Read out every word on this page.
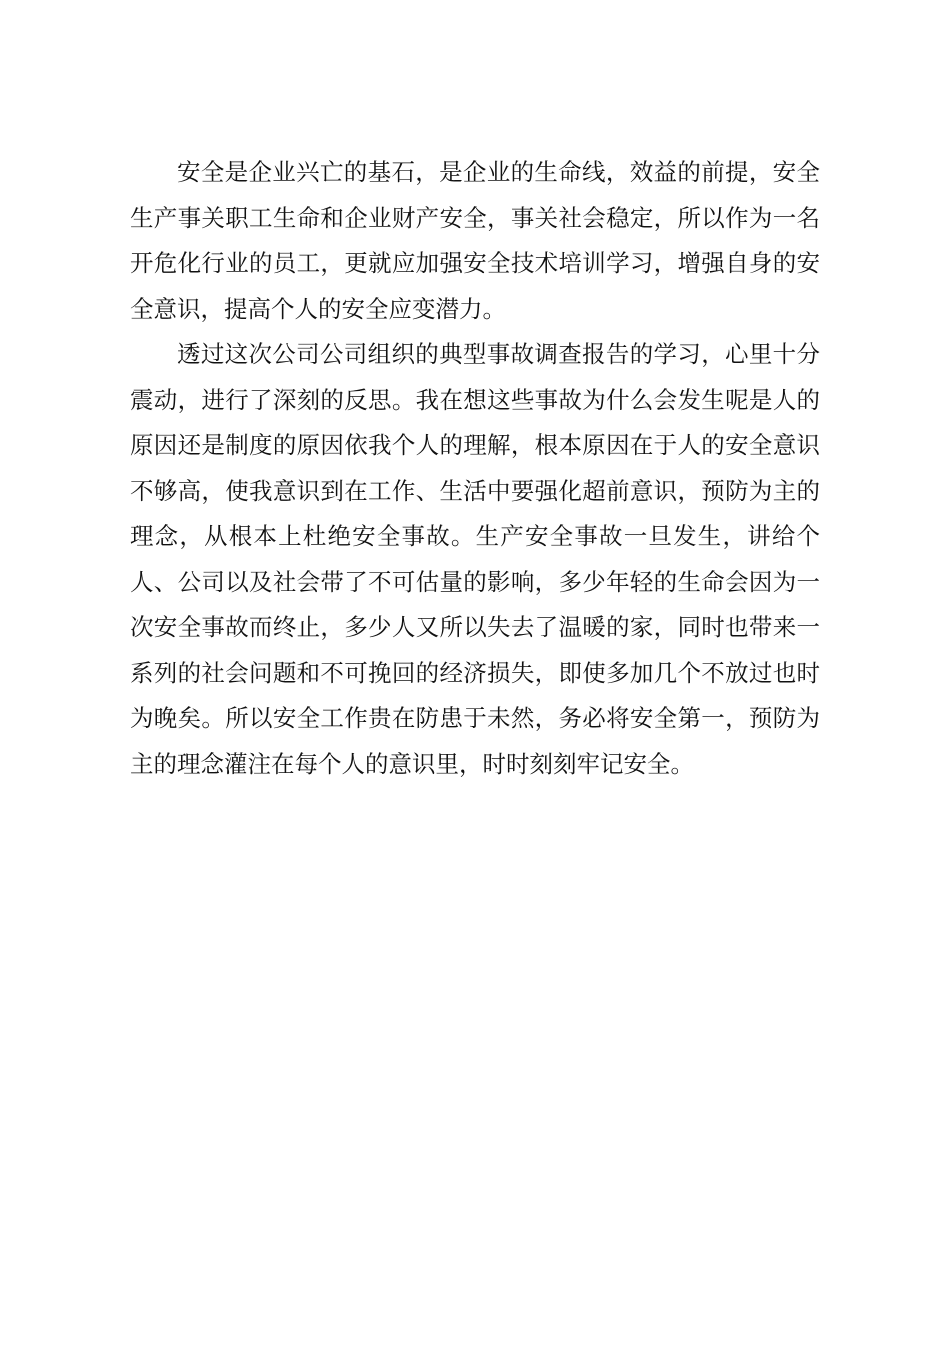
安全是企业兴亡的基石，是企业的生命线，效益的前提，安全生产事关职工生命和企业财产安全，事关社会稳定，所以作为一名开危化行业的员工，更就应加强安全技术培训学习，增强自身的安全意识，提高个人的安全应变潜力。

透过这次公司公司组织的典型事故调查报告的学习，心里十分震动，进行了深刻的反思。我在想这些事故为什么会发生呢是人的原因还是制度的原因依我个人的理解，根本原因在于人的安全意识不够高，使我意识到在工作、生活中要强化超前意识，预防为主的理念，从根本上杜绝安全事故。生产安全事故一旦发生，讲给个人、公司以及社会带了不可估量的影响，多少年轻的生命会因为一次安全事故而终止，多少人又所以失去了温暖的家，同时也带来一系列的社会问题和不可挽回的经济损失，即使多加几个不放过也时为晚矣。所以安全工作贵在防患于未然，务必将安全第一，预防为主的理念灌注在每个人的意识里，时时刻刻牢记安全。
